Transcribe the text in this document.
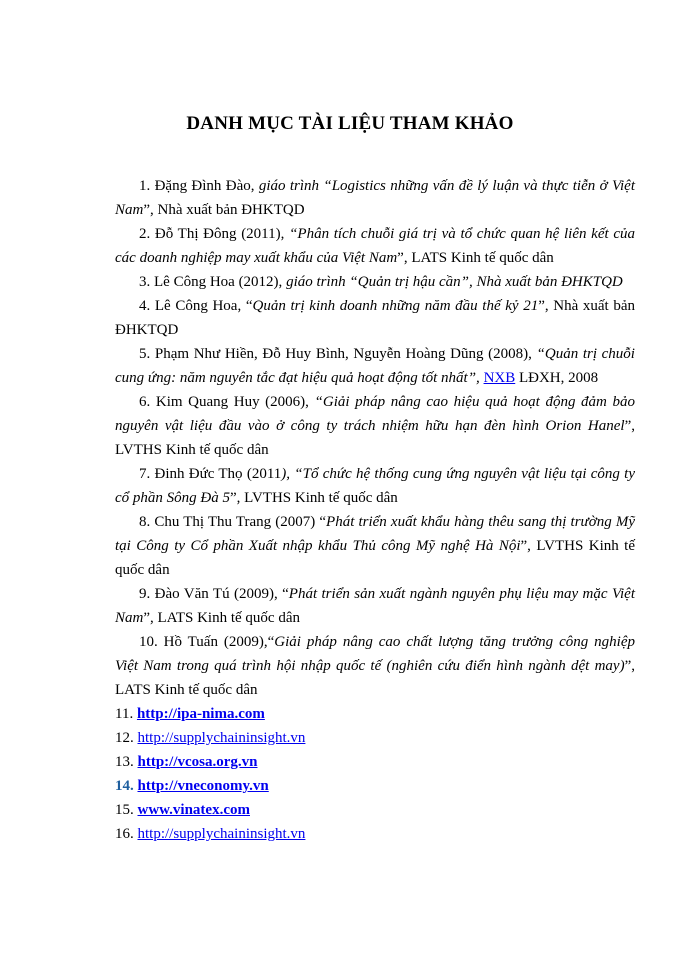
DANH MỤC TÀI LIỆU THAM KHẢO
1. Đặng Đình Đào, giáo trình “Logistics những vấn đề lý luận và thực tiễn ở Việt Nam”, Nhà xuất bản ĐHKTQD
2. Đỗ Thị Đông (2011), “Phân tích chuỗi giá trị và tổ chức quan hệ liên kết của các doanh nghiệp may xuất khẩu của Việt Nam”, LATS Kinh tế quốc dân
3. Lê Công Hoa (2012), giáo trình “Quản trị hậu cần”, Nhà xuất bản ĐHKTQD
4. Lê Công Hoa, “Quản trị kinh doanh những năm đầu thế kỷ 21”, Nhà xuất bản ĐHKTQD
5. Phạm Như Hiền, Đỗ Huy Bình, Nguyễn Hoàng Dũng (2008), “Quản trị chuỗi cung ứng: năm nguyên tắc đạt hiệu quả hoạt động tốt nhất”, NXB LĐXH, 2008
6. Kim Quang Huy (2006), “Giải pháp nâng cao hiệu quả hoạt động đảm bảo nguyên vật liệu đầu vào ở công ty trách nhiệm hữu hạn đèn hình Orion Hanel”, LVTHS Kinh tế quốc dân
7. Đinh Đức Thọ (2011), “Tổ chức hệ thống cung ứng nguyên vật liệu tại công ty cổ phần Sông Đà 5”, LVTHS Kinh tế quốc dân
8. Chu Thị Thu Trang (2007) “Phát triển xuất khẩu hàng thêu sang thị trường Mỹ tại Công ty Cổ phần Xuất nhập khẩu Thủ công Mỹ nghệ Hà Nội”, LVTHS Kinh tế quốc dân
9. Đào Văn Tú (2009), “Phát triển sản xuất ngành nguyên phụ liệu may mặc Việt Nam”, LATS Kinh tế quốc dân
10. Hồ Tuấn (2009),“Giải pháp nâng cao chất lượng tăng trưởng công nghiệp Việt Nam trong quá trình hội nhập quốc tế (nghiên cứu điển hình ngành dệt may)”, LATS Kinh tế quốc dân
11. http://ipa-nima.com
12. http://supplychaininsight.vn
13. http://vcosa.org.vn
14. http://vneconomy.vn
15. www.vinatex.com
16. http://supplychaininsight.vn
